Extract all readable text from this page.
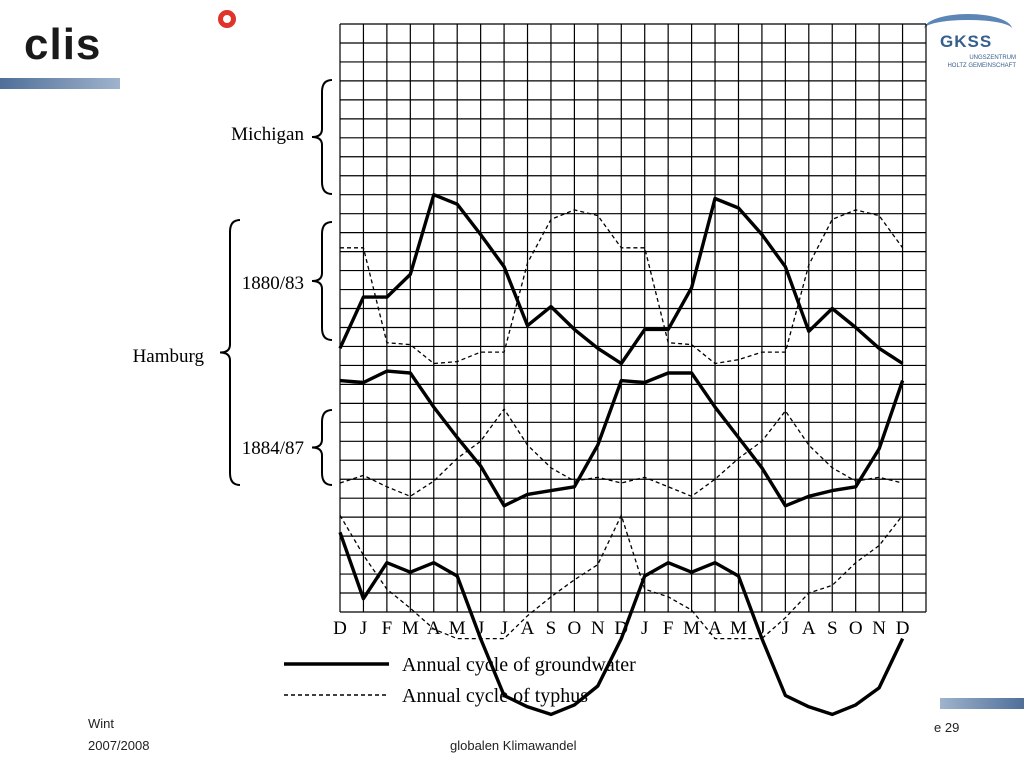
clis	GKSS
UNGSZENTRUM
HOLTZ GEMEINSCHAFT
Wint
2007/2008	globalen Klimawandel
e 29
D J F M A M J J A S O N D J F M A M J J A S O N D
Michigan
Hamburg
1880/83
1884/87
Annual cycle of groundwater
Annual cycle of typhus
